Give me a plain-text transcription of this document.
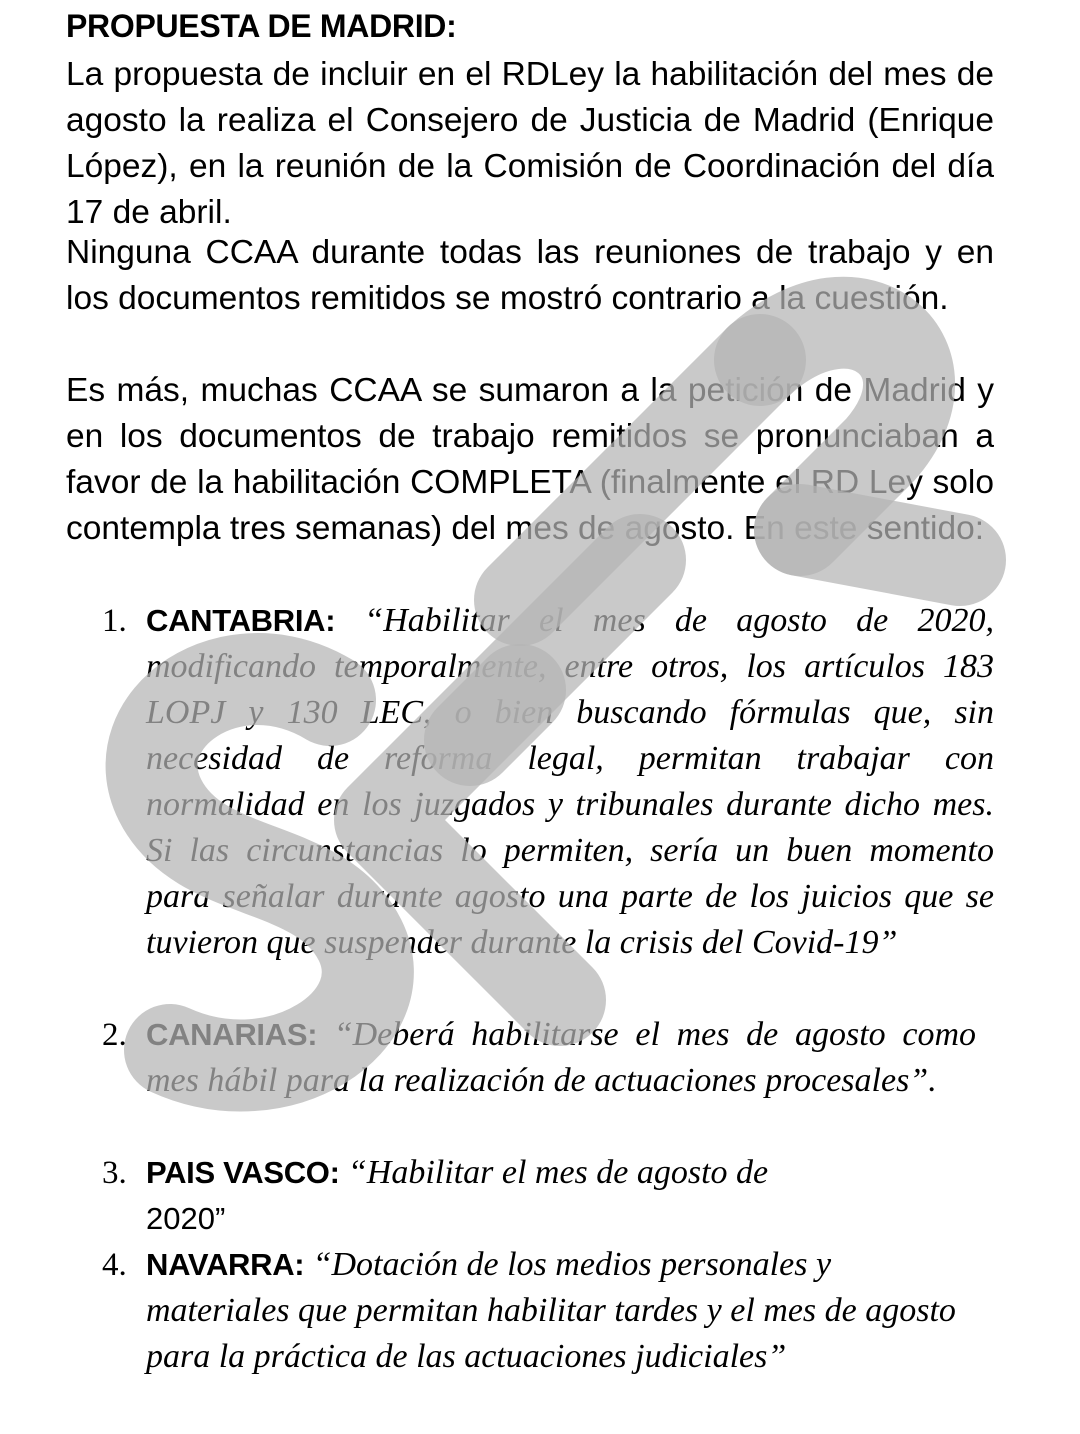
PROPUESTA DE MADRID:
La propuesta de incluir en el RDLey la habilitación del mes de agosto la realiza el Consejero de Justicia de Madrid (Enrique López), en la reunión de la Comisión de Coordinación del día 17 de abril.
Ninguna CCAA durante todas las reuniones de trabajo y en los documentos remitidos se mostró contrario a la cuestión.
Es más, muchas CCAA se sumaron a la petición de Madrid y en los documentos de trabajo remitidos se pronunciaban a favor de la habilitación COMPLETA (finalmente el RD Ley solo contempla tres semanas) del mes de agosto. En este sentido:
1. CANTABRIA: “Habilitar el mes de agosto de 2020, modificando temporalmente, entre otros, los artículos 183 LOPJ y 130 LEC, o bien buscando fórmulas que, sin necesidad de reforma legal, permitan trabajar con normalidad en los juzgados y tribunales durante dicho mes. Si las circunstancias lo permiten, sería un buen momento para señalar durante agosto una parte de los juicios que se tuvieron que suspender durante la crisis del Covid-19”
2. CANARIAS: “Deberá habilitarse el mes de agosto como mes hábil para la realización de actuaciones procesales”.
3. PAIS VASCO: “Habilitar el mes de agosto de
2020”
4. NAVARRA: “Dotación de los medios personales y materiales que permitan habilitar tardes y el mes de agosto para la práctica de las actuaciones judiciales”
